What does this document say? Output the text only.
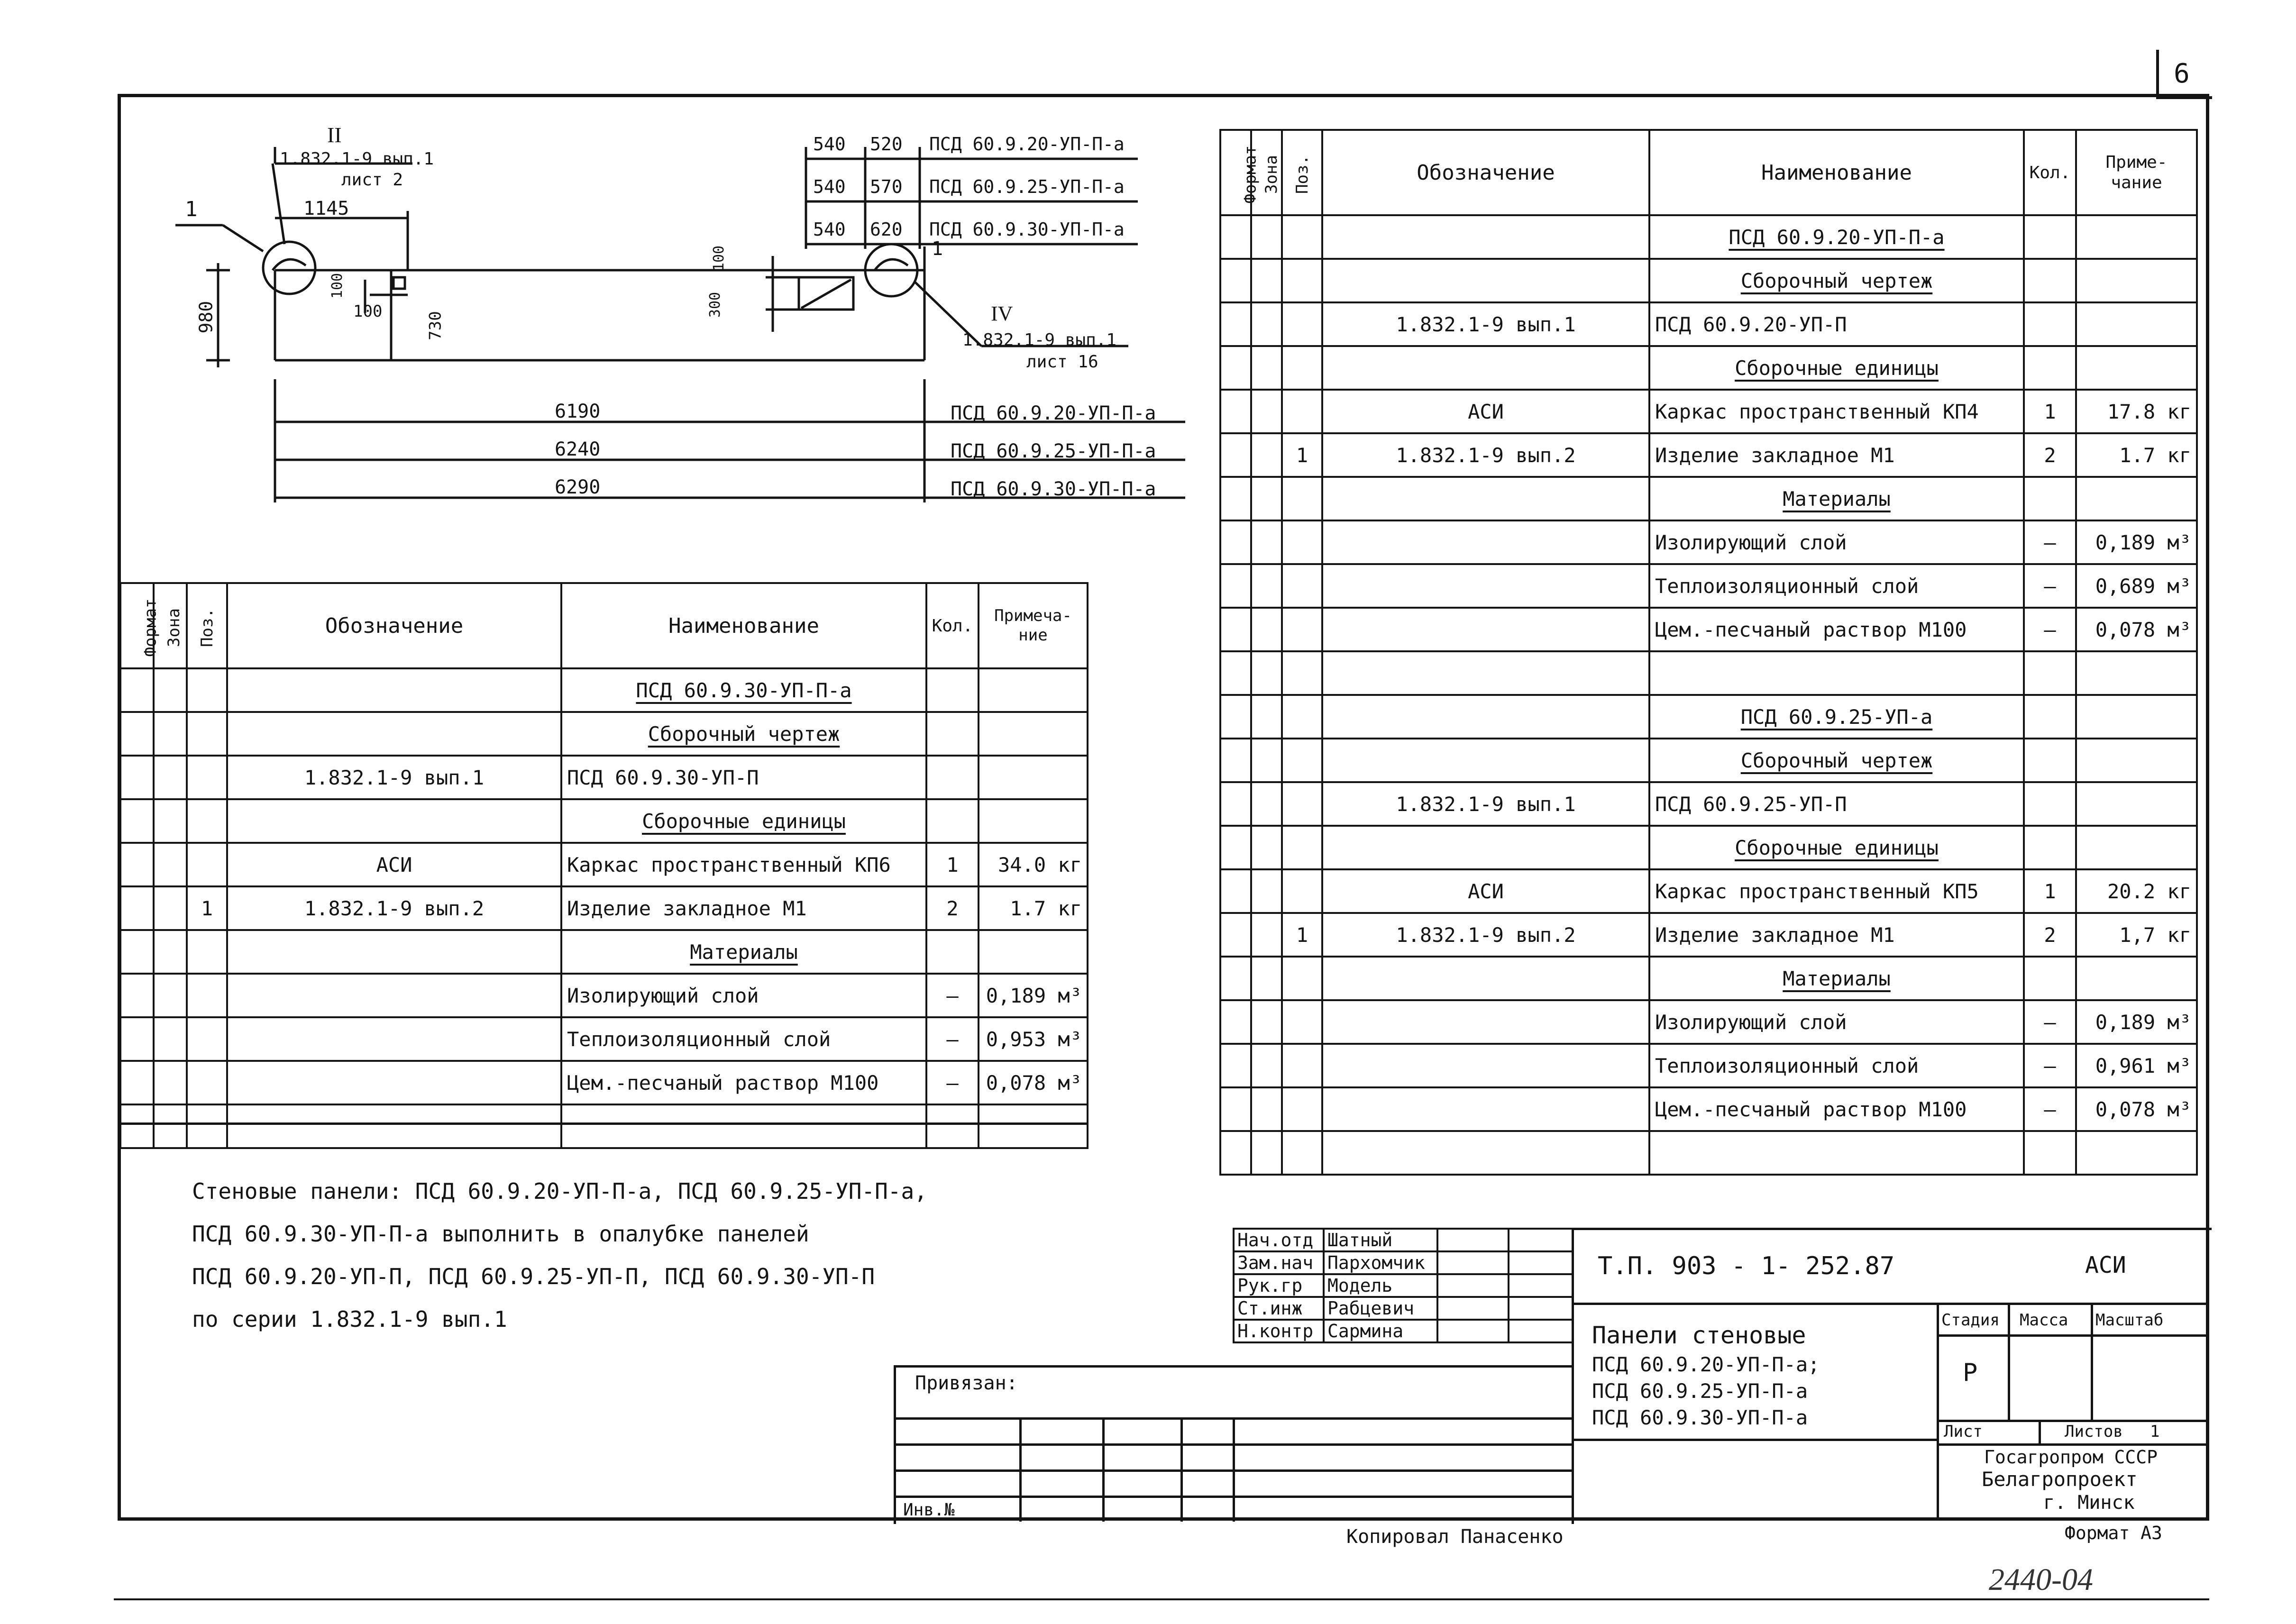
6
II
1.832.1-9 вып.1
лист 2
1	1145
980
100
100	730
100
300
1
IV
1.832.1-9 вып.1
лист 16
540 520 ПСД 60.9.20-УП-П-а
540 570 ПСД 60.9.25-УП-П-а
540 620 ПСД 60.9.30-УП-П-а
6190	ПСД 60.9.20-УП-П-а
6240	ПСД 60.9.25-УП-П-а
6290	ПСД 60.9.30-УП-П-а
Формат	Зона	Поз.	Обозначение	Наименование	Кол.	Примеча-ние
				ПСД 60.9.30-УП-П-а		
				Сборочный чертеж		
			1.832.1-9 вып.1	ПСД 60.9.30-УП-П		
				Сборочные единицы		
			АСИ	Каркас пространственный КП6	1	34.0 кг
		1	1.832.1-9 вып.2	Изделие закладное М1	2	1.7 кг
				Материалы		
				Изолирующий слой	—	0,189 м³
				Теплоизоляционный слой	—	0,953 м³
				Цем.-песчаный раствор М100	—	0,078 м³

Формат	Зона	Поз.	Обозначение	Наименование	Кол.	Приме-чание
				ПСД 60.9.20-УП-П-а		
				Сборочный чертеж		
			1.832.1-9 вып.1	ПСД 60.9.20-УП-П		
				Сборочные единицы		
			АСИ	Каркас пространственный КП4	1	17.8 кг
		1	1.832.1-9 вып.2	Изделие закладное М1	2	1.7 кг
				Материалы		
				Изолирующий слой	—	0,189 м³
				Теплоизоляционный слой	—	0,689 м³
				Цем.-песчаный раствор М100	—	0,078 м³

				ПСД 60.9.25-УП-а		
				Сборочный чертеж		
			1.832.1-9 вып.1	ПСД 60.9.25-УП-П		
				Сборочные единицы		
			АСИ	Каркас пространственный КП5	1	20.2 кг
		1	1.832.1-9 вып.2	Изделие закладное М1	2	1,7 кг
				Материалы		
				Изолирующий слой	—	0,189 м³
				Теплоизоляционный слой	—	0,961 м³
				Цем.-песчаный раствор М100	—	0,078 м³

Стеновые панели: ПСД 60.9.20-УП-П-а, ПСД 60.9.25-УП-П-а,
ПСД 60.9.30-УП-П-а выполнить в опалубке панелей
ПСД 60.9.20-УП-П, ПСД 60.9.25-УП-П, ПСД 60.9.30-УП-П
по серии 1.832.1-9 вып.1
Привязан:
Инв.№
Нач.отд	Шатный		
Зам.нач	Пархомчик		
Рук.гр	Модель		
Ст.инж	Рабцевич		
Н.контр	Сармина		
Т.П. 903 - 1- 252.87	АСИ
Панели стеновые
ПСД 60.9.20-УП-П-а;
ПСД 60.9.25-УП-П-а
ПСД 60.9.30-УП-П-а
Стадия Масса Масштаб
Р
Лист	Листов 1
Госагропром СССР
Белагропроект
г. Минск
Копировал Панасенко	Формат А3
2440-04
